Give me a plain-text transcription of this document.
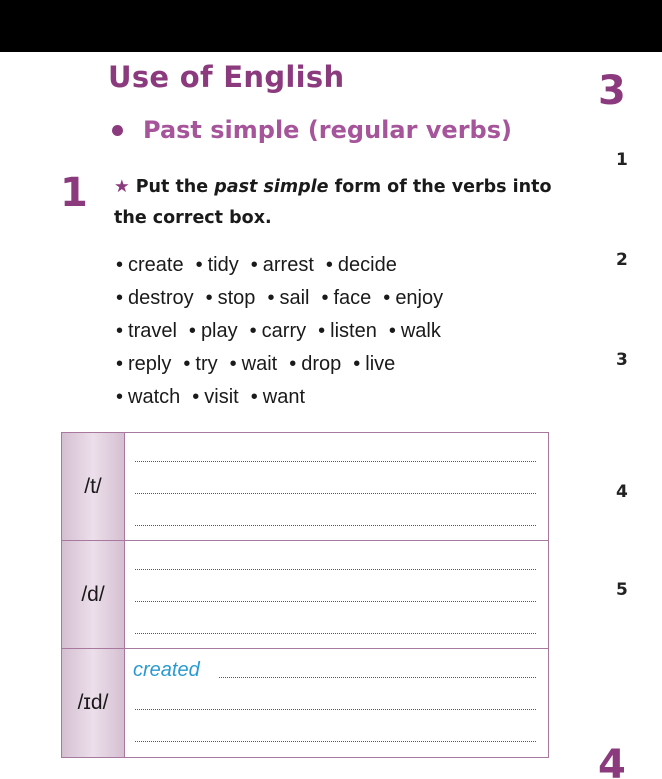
Use of English	3
Past simple (regular verbs)
1
2
3
4
5
4
1 ★ Put the past simple form of the verbs into the correct box.
• create • tidy • arrest • decide
• destroy • stop • sail • face • enjoy
• travel • play • carry • listen • walk
• reply • try • wait • drop • live
• watch • visit • want
/t/
/d/
/ɪd/
created
